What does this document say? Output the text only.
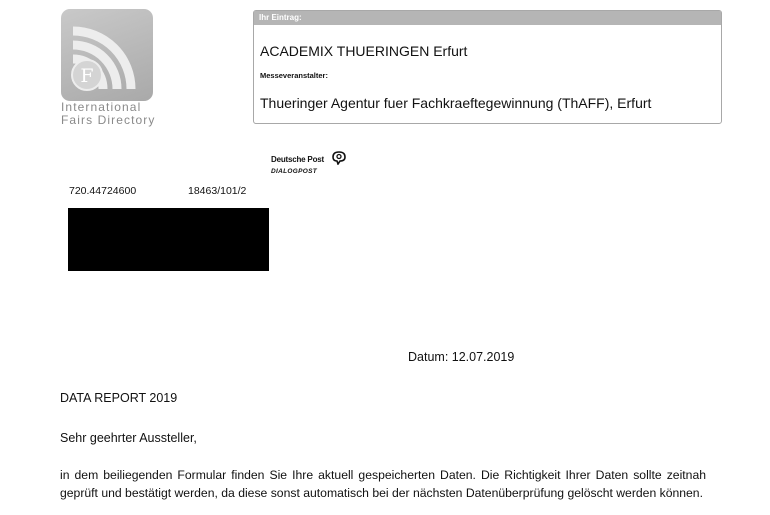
F
International
Fairs Directory
Ihr Eintrag:
ACADEMIX THUERINGEN Erfurt
Messeveranstalter:
Thueringer Agentur fuer Fachkraeftegewinnung (ThAFF), Erfurt
Deutsche Post
DIALOGPOST
720.44724600	18463/101/2
Datum: 12.07.2019
DATA REPORT 2019
Sehr geehrter Aussteller,
in dem beiliegenden Formular finden Sie Ihre aktuell gespeicherten Daten. Die Richtigkeit Ihrer Daten sollte zeitnah geprüft und bestätigt werden, da diese sonst automatisch bei der nächsten Datenüberprüfung gelöscht werden können.
